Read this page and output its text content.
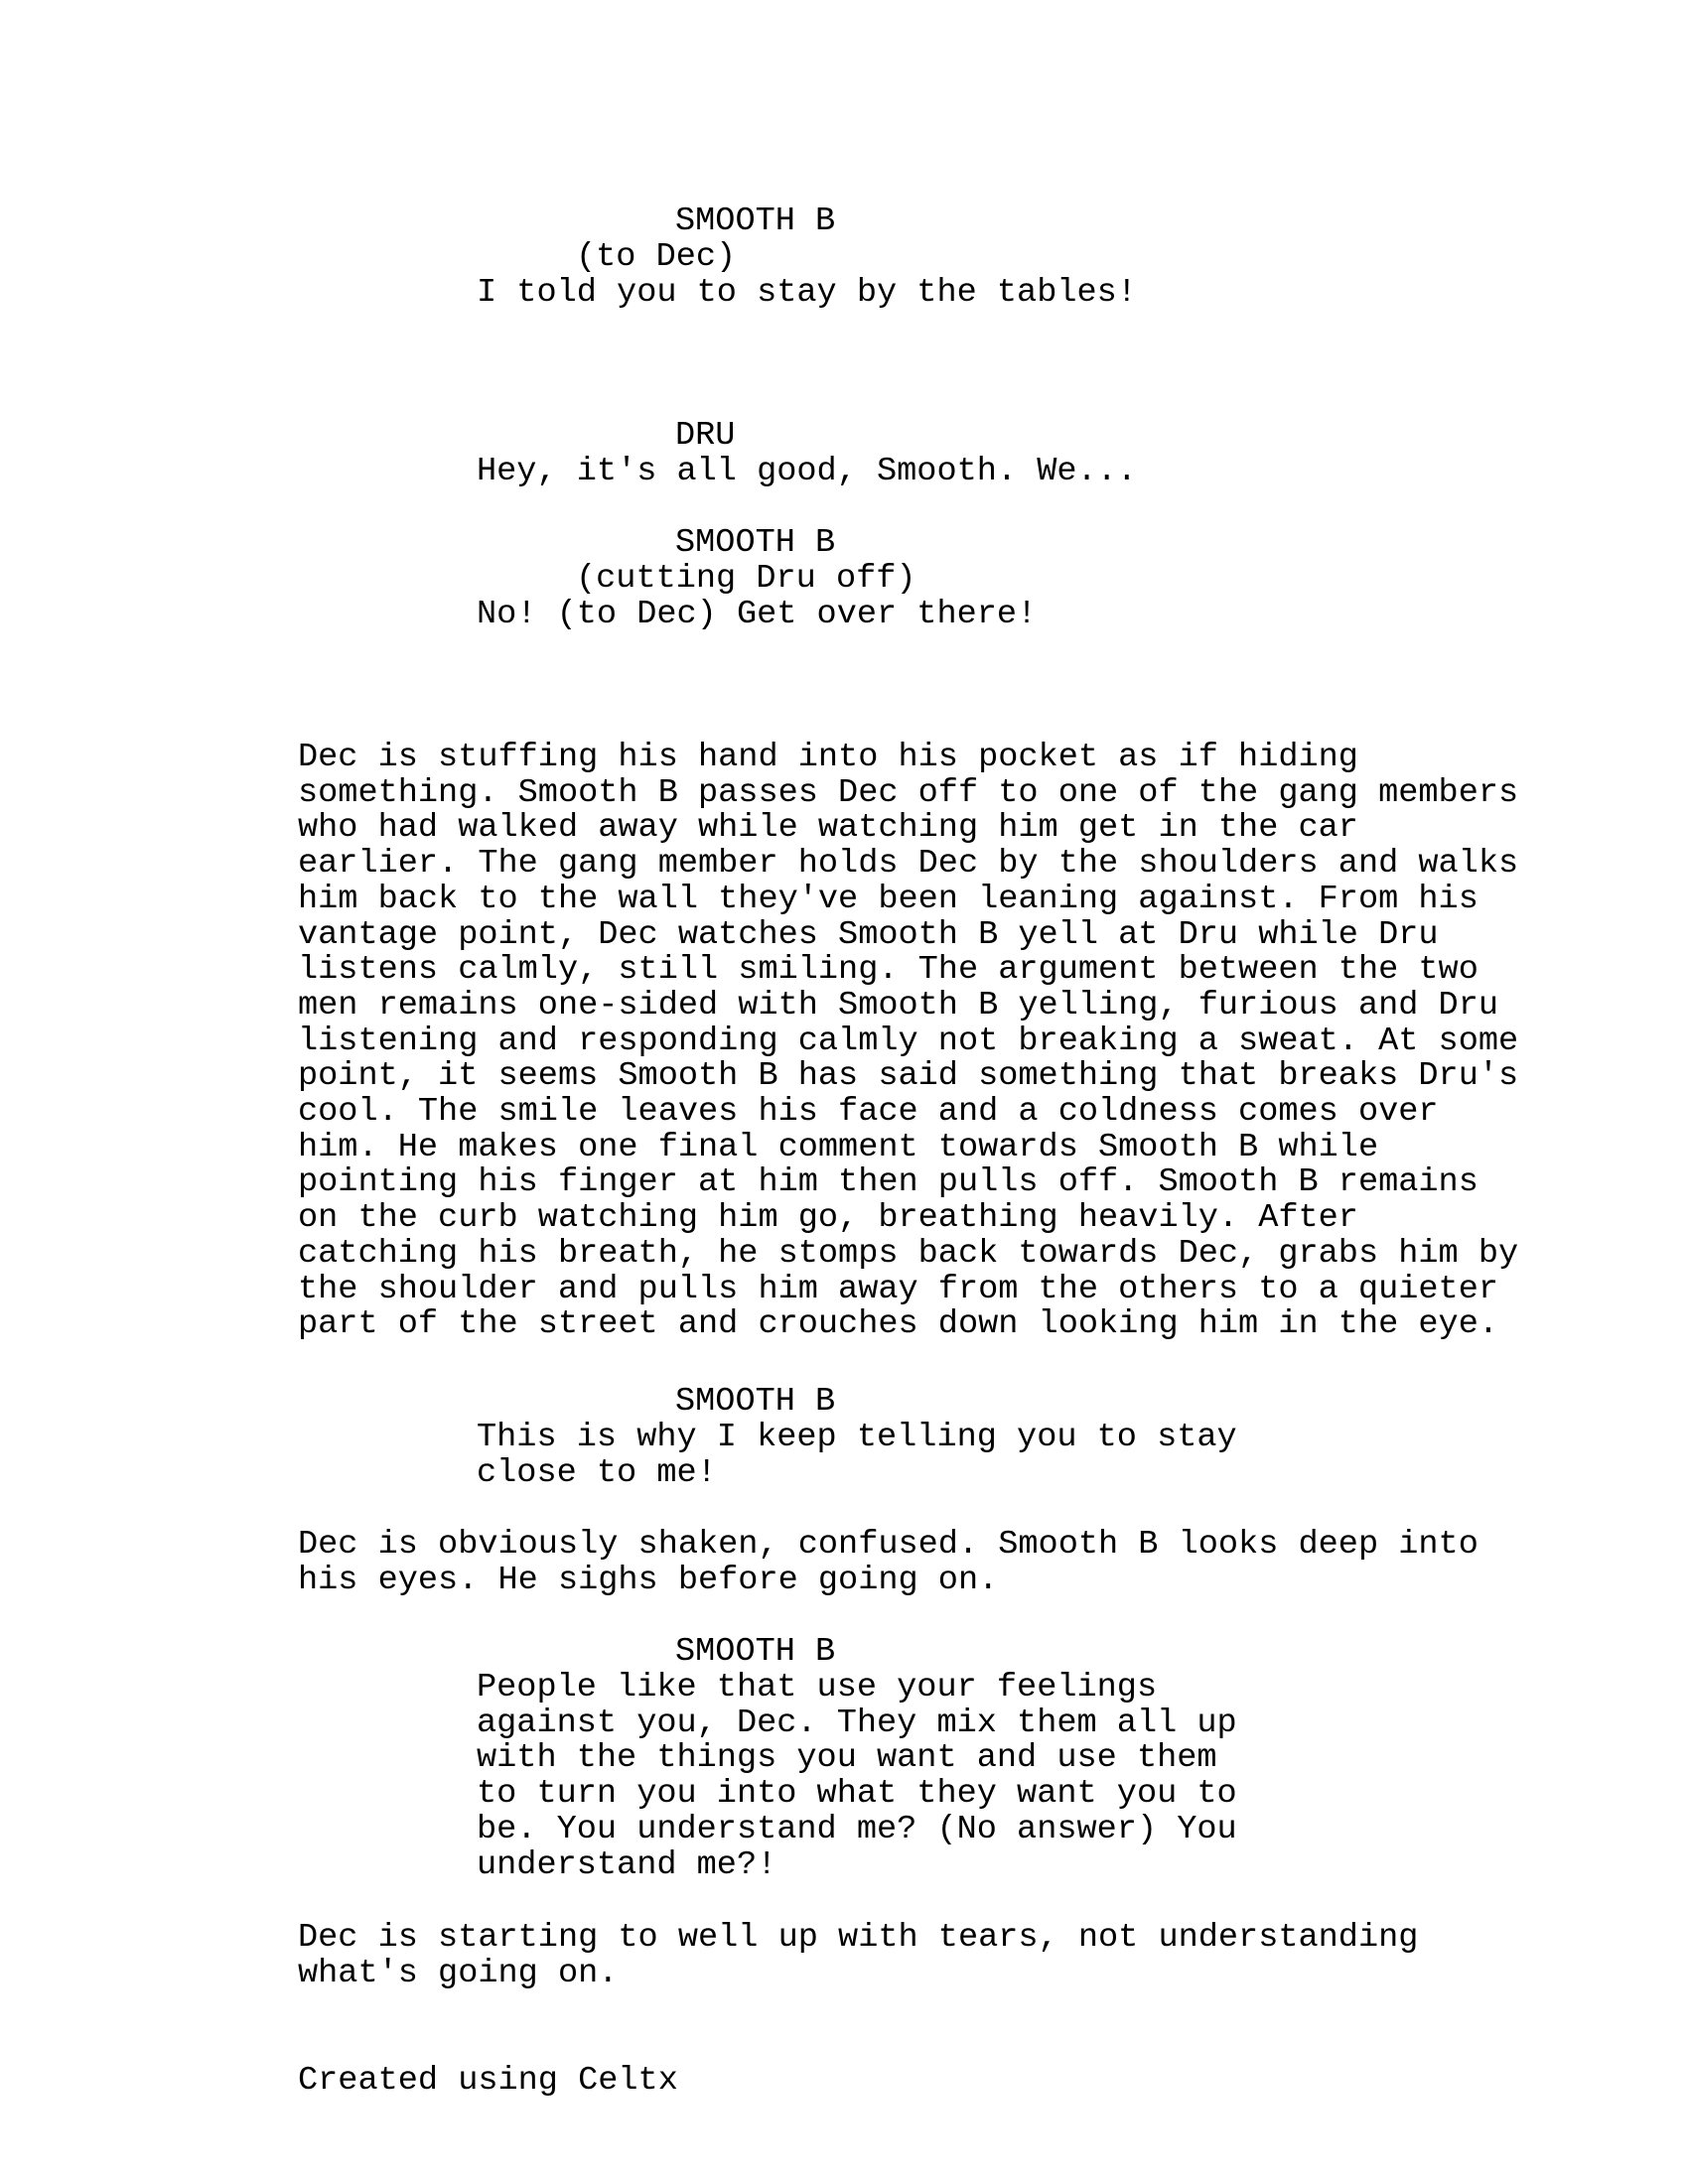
SMOOTH B
(to Dec)
I told you to stay by the tables!
DRU
Hey, it's all good, Smooth. We...
SMOOTH B
(cutting Dru off)
No! (to Dec) Get over there!
Dec is stuffing his hand into his pocket as if hiding
something. Smooth B passes Dec off to one of the gang members
who had walked away while watching him get in the car
earlier. The gang member holds Dec by the shoulders and walks
him back to the wall they've been leaning against. From his
vantage point, Dec watches Smooth B yell at Dru while Dru
listens calmly, still smiling. The argument between the two
men remains one-sided with Smooth B yelling, furious and Dru
listening and responding calmly not breaking a sweat. At some
point, it seems Smooth B has said something that breaks Dru's
cool. The smile leaves his face and a coldness comes over
him. He makes one final comment towards Smooth B while
pointing his finger at him then pulls off. Smooth B remains
on the curb watching him go, breathing heavily. After
catching his breath, he stomps back towards Dec, grabs him by
the shoulder and pulls him away from the others to a quieter
part of the street and crouches down looking him in the eye.
SMOOTH B
This is why I keep telling you to stay
close to me!
Dec is obviously shaken, confused. Smooth B looks deep into
his eyes. He sighs before going on.
SMOOTH B
People like that use your feelings
against you, Dec. They mix them all up
with the things you want and use them
to turn you into what they want you to
be. You understand me? (No answer) You
understand me?!
Dec is starting to well up with tears, not understanding
what's going on.
Created using Celtx
